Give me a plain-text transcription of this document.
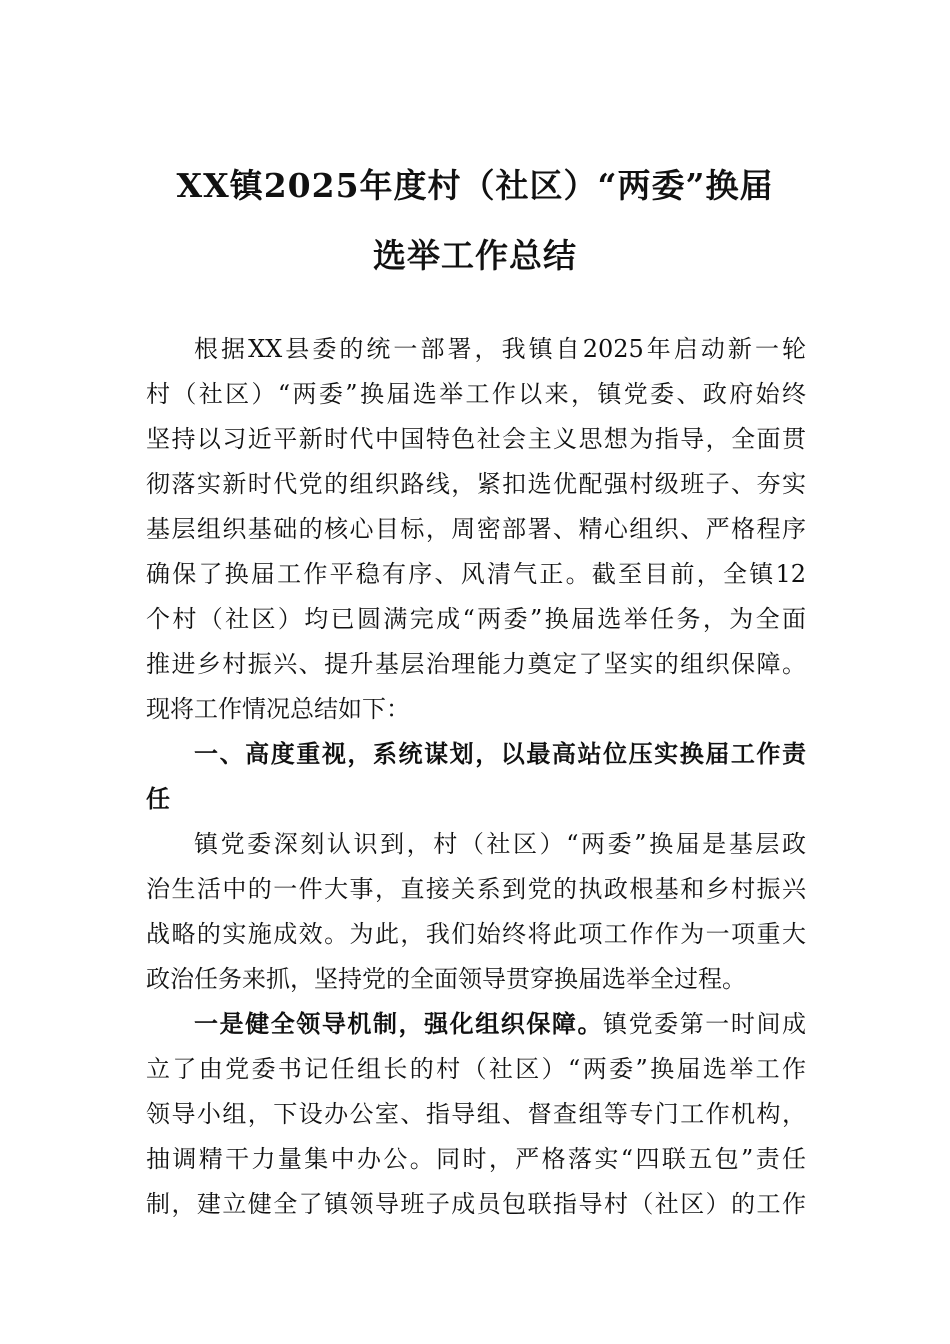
XX镇2025年度村（社区）“两委”换届
选举工作总结
根据XX县委的统一部署，我镇自2025年启动新一轮
村（社区）“两委”换届选举工作以来，镇党委、政府始终
坚持以习近平新时代中国特色社会主义思想为指导，全面贯
彻落实新时代党的组织路线，紧扣选优配强村级班子、夯实
基层组织基础的核心目标，周密部署、精心组织、严格程序
确保了换届工作平稳有序、风清气正。截至目前，全镇12
个村（社区）均已圆满完成“两委”换届选举任务，为全面
推进乡村振兴、提升基层治理能力奠定了坚实的组织保障。
现将工作情况总结如下：
一、高度重视，系统谋划，以最高站位压实换届工作责
任
镇党委深刻认识到，村（社区）“两委”换届是基层政
治生活中的一件大事，直接关系到党的执政根基和乡村振兴
战略的实施成效。为此，我们始终将此项工作作为一项重大
政治任务来抓，坚持党的全面领导贯穿换届选举全过程。
一是健全领导机制，强化组织保障。镇党委第一时间成
立了由党委书记任组长的村（社区）“两委”换届选举工作
领导小组，下设办公室、指导组、督查组等专门工作机构，
抽调精干力量集中办公。同时，严格落实“四联五包”责任
制，建立健全了镇领导班子成员包联指导村（社区）的工作
